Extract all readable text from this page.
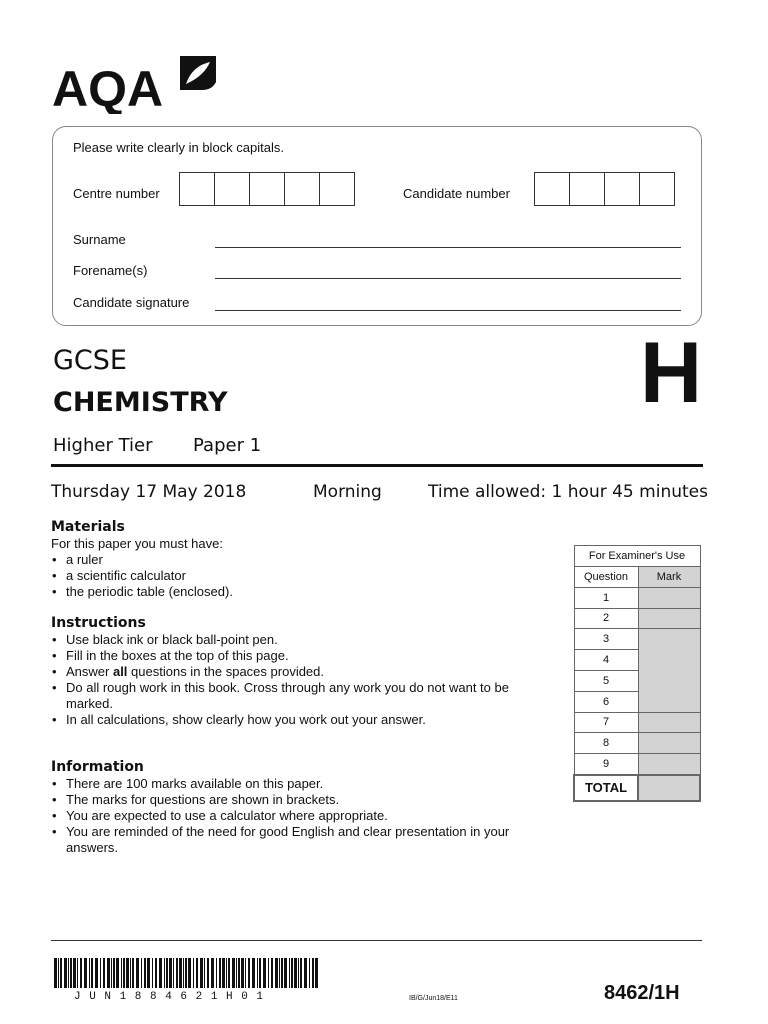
AQA
Please write clearly in block capitals.
Centre number	Candidate number
Surname
Forename(s)
Candidate signature
GCSE
CHEMISTRY
Higher Tier Paper 1
H
Thursday 17 May 2018	Morning	Time allowed: 1 hour 45 minutes
Materials
For this paper you must have:
• a ruler
• a scientific calculator
• the periodic table (enclosed).
Instructions
• Use black ink or black ball-point pen.
• Fill in the boxes at the top of this page.
• Answer all questions in the spaces provided.
• Do all rough work in this book. Cross through any work you do not want to be marked.
• In all calculations, show clearly how you work out your answer.
Information
• There are 100 marks available on this paper.
• The marks for questions are shown in brackets.
• You are expected to use a calculator where appropriate.
• You are reminded of the need for good English and clear presentation in your answers.
For Examiner's Use	
Question	Mark
1	
2	
3	
4	
5	
6	
7	
8	
9	
TOTAL	
J U N 1 8 8 4 6 2 1 H 0 1	IB/G/Jun18/E11	8462/1H
